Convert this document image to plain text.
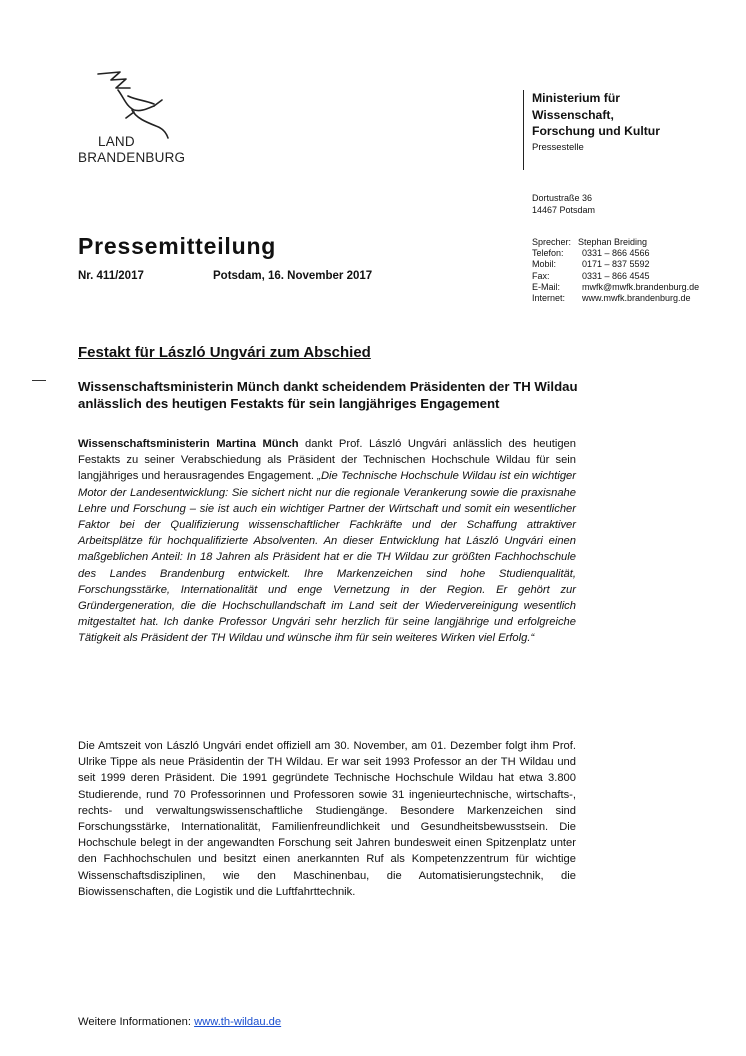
LAND
BRANDENBURG
Ministerium für
Wissenschaft,
Forschung und Kultur
Pressestelle
Dortustraße 36
14467 Potsdam
Sprecher: Stephan Breiding
Telefon: 0331 – 866 4566
Mobil:	0171 – 837 5592
Fax:	0331 – 866 4545
E-Mail: mwfk@mwfk.brandenburg.de
Internet: www.mwfk.brandenburg.de
Pressemitteilung
Nr. 411/2017	Potsdam, 16. November 2017
Festakt für László Ungvári zum Abschied
Wissenschaftsministerin Münch dankt scheidendem Präsidenten der TH Wildau anlässlich des heutigen Festakts für sein langjähriges Engagement
Wissenschaftsministerin Martina Münch dankt Prof. László Ungvári anlässlich des heutigen Festakts zu seiner Verabschiedung als Präsident der Technischen Hochschule Wildau für sein langjähriges und herausragendes Engagement. „Die Technische Hochschule Wildau ist ein wichtiger Motor der Landesentwicklung: Sie sichert nicht nur die regionale Verankerung sowie die praxisnahe Lehre und Forschung – sie ist auch ein wichtiger Partner der Wirtschaft und somit ein wesentlicher Faktor bei der Qualifizierung wissenschaftlicher Fachkräfte und der Schaffung attraktiver Arbeitsplätze für hochqualifizierte Absolventen. An dieser Entwicklung hat László Ungvári einen maßgeblichen Anteil: In 18 Jahren als Präsident hat er die TH Wildau zur größten Fachhochschule des Landes Brandenburg entwickelt. Ihre Markenzeichen sind hohe Studienqualität, Forschungsstärke, Internationalität und enge Vernetzung in der Region. Er gehört zur Gründergeneration, die die Hochschullandschaft im Land seit der Wiedervereinigung wesentlich mitgestaltet hat. Ich danke Professor Ungvári sehr herzlich für seine langjährige und erfolgreiche Tätigkeit als Präsident der TH Wildau und wünsche ihm für sein weiteres Wirken viel Erfolg.“
Die Amtszeit von László Ungvári endet offiziell am 30. November, am 01. Dezember folgt ihm Prof. Ulrike Tippe als neue Präsidentin der TH Wildau. Er war seit 1993 Professor an der TH Wildau und seit 1999 deren Präsident. Die 1991 gegründete Technische Hochschule Wildau hat etwa 3.800 Studierende, rund 70 Professorinnen und Professoren sowie 31 ingenieurtechnische, wirtschafts-, rechts- und verwaltungswissenschaftliche Studiengänge. Besondere Markenzeichen sind Forschungsstärke, Internationalität, Familienfreundlichkeit und Gesundheitsbewusstsein. Die Hochschule belegt in der angewandten Forschung seit Jahren bundesweit einen Spitzenplatz unter den Fachhochschulen und besitzt einen anerkannten Ruf als Kompetenzzentrum für wichtige Wissenschaftsdisziplinen, wie den Maschinenbau, die Automatisierungstechnik, die Biowissenschaften, die Logistik und die Luftfahrttechnik.
Weitere Informationen: www.th-wildau.de
